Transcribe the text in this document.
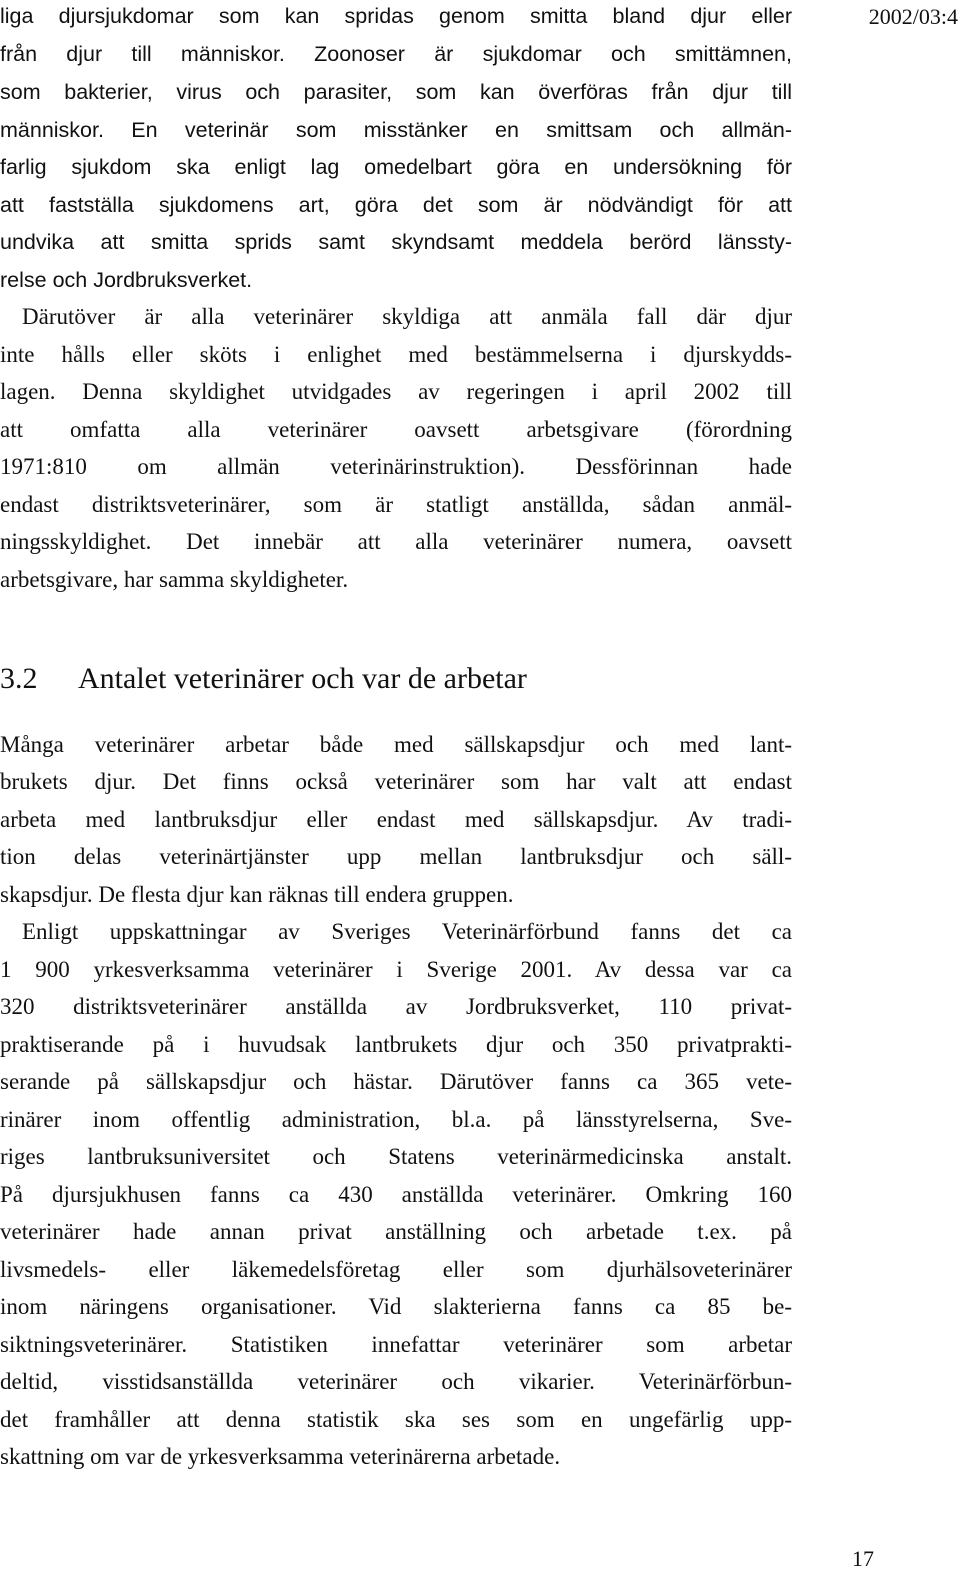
2002/03:4

liga djursjukdomar som kan spridas genom smitta bland djur eller

från djur till människor. Zoonoser är sjukdomar och smittämnen,

som bakterier, virus och parasiter, som kan överföras från djur till

människor. En veterinär som misstänker en smittsam och allmän-

farlig sjukdom ska enligt lag omedelbart göra en undersökning för

att fastställa sjukdomens art, göra det som är nödvändigt för att

undvika att smitta sprids samt skyndsamt meddela berörd länssty-

relse och Jordbruksverket.

Därutöver är alla veterinärer skyldiga att anmäla fall där djur

inte hålls eller sköts i enlighet med bestämmelserna i djurskydds-

lagen. Denna skyldighet utvidgades av regeringen i april 2002 till

att omfatta alla veterinärer oavsett arbetsgivare (förordning

1971:810 om allmän veterinärinstruktion). Dessförinnan hade

endast distriktsveterinärer, som är statligt anställda, sådan anmäl-

ningsskyldighet. Det innebär att alla veterinärer numera, oavsett

arbetsgivare, har samma skyldigheter.

3.2 Antalet veterinärer och var de arbetar

Många veterinärer arbetar både med sällskapsdjur och med lant-

brukets djur. Det finns också veterinärer som har valt att endast

arbeta med lantbruksdjur eller endast med sällskapsdjur. Av tradi-

tion delas veterinärtjänster upp mellan lantbruksdjur och säll-

skapsdjur. De flesta djur kan räknas till endera gruppen.

Enligt uppskattningar av Sveriges Veterinärförbund fanns det ca

1 900 yrkesverksamma veterinärer i Sverige 2001. Av dessa var ca

320 distriktsveterinärer anställda av Jordbruksverket, 110 privat-

praktiserande på i huvudsak lantbrukets djur och 350 privatprakti-

serande på sällskapsdjur och hästar. Därutöver fanns ca 365 vete-

rinärer inom offentlig administration, bl.a. på länsstyrelserna, Sve-

riges lantbruksuniversitet och Statens veterinärmedicinska anstalt.

På djursjukhusen fanns ca 430 anställda veterinärer. Omkring 160

veterinärer hade annan privat anställning och arbetade t.ex. på

livsmedels- eller läkemedelsföretag eller som djurhälsoveterinärer

inom näringens organisationer. Vid slakterierna fanns ca 85 be-

siktningsveterinärer. Statistiken innefattar veterinärer som arbetar

deltid, visstidsanställda veterinärer och vikarier. Veterinärförbun-

det framhåller att denna statistik ska ses som en ungefärlig upp-

skattning om var de yrkesverksamma veterinärerna arbetade.

17
